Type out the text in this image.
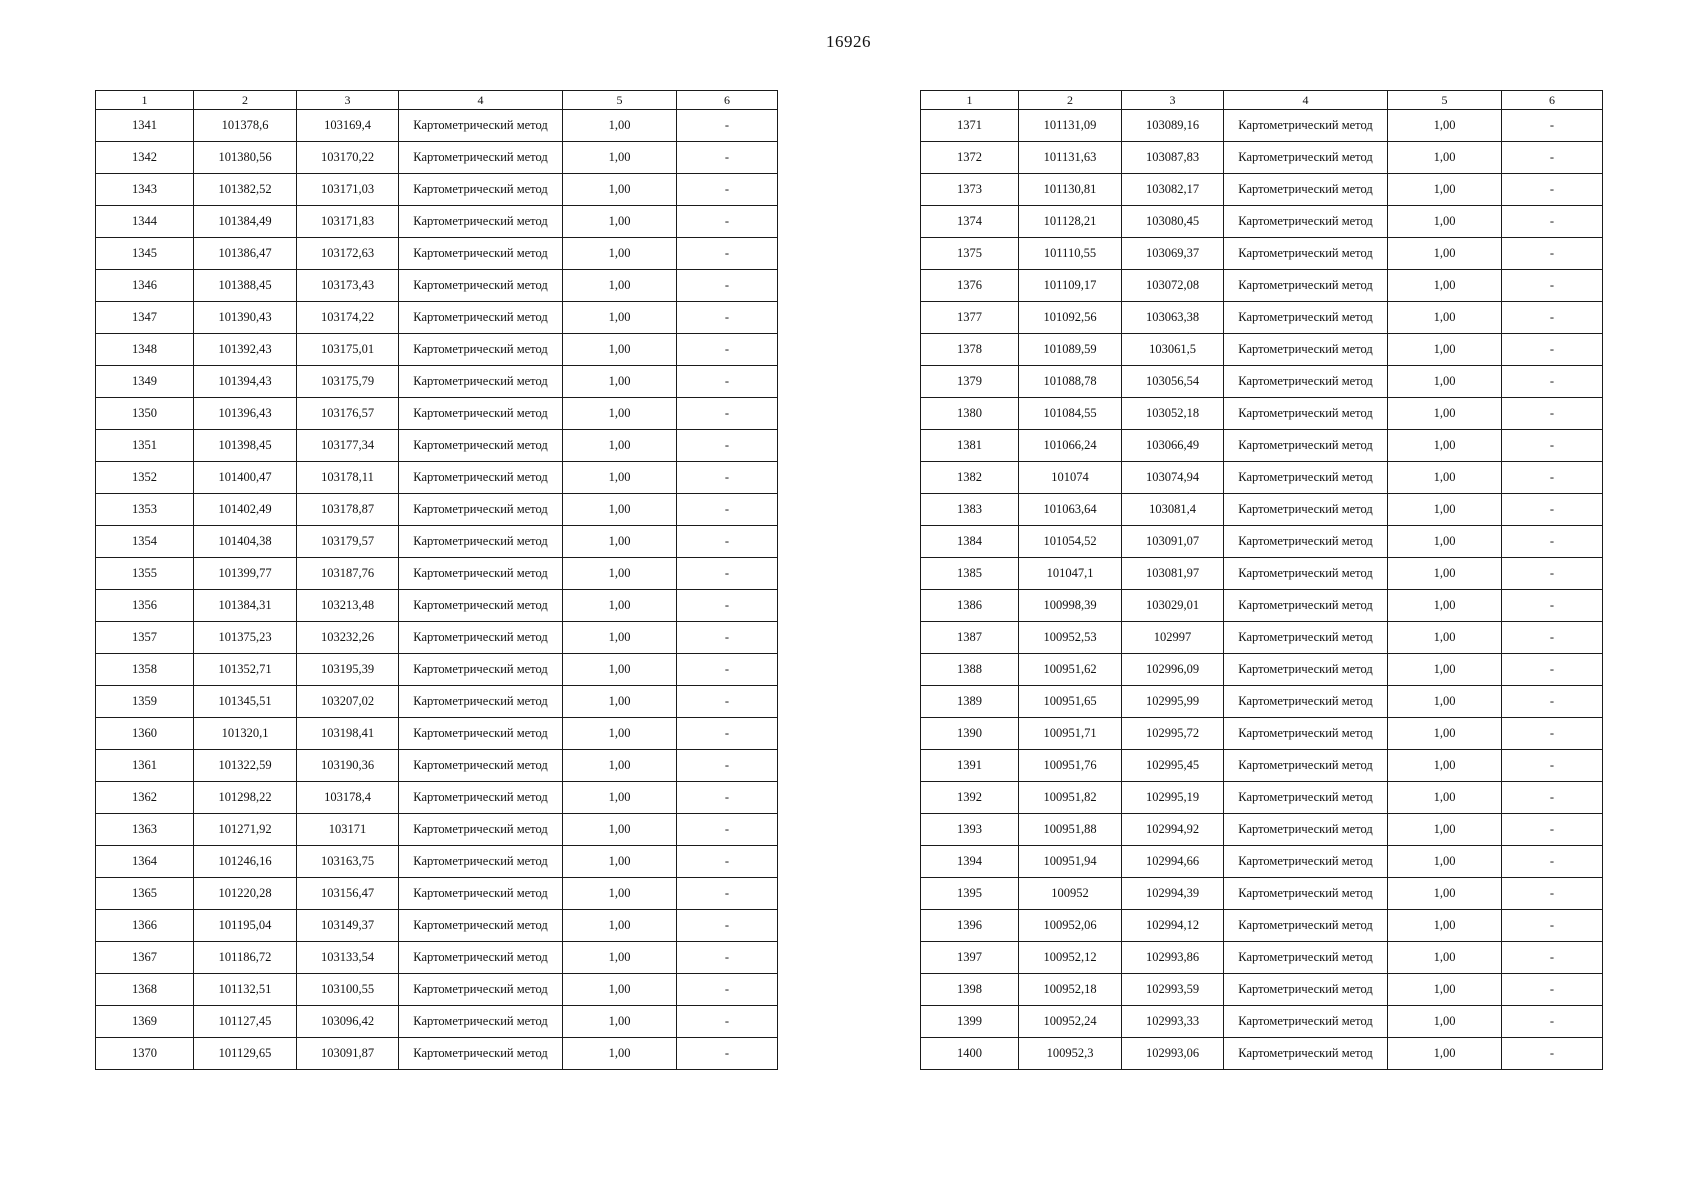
16926
1	2	3	4	5	6
1341	101378,6	103169,4	Картометрический метод	1,00	-
1342	101380,56	103170,22	Картометрический метод	1,00	-
1343	101382,52	103171,03	Картометрический метод	1,00	-
1344	101384,49	103171,83	Картометрический метод	1,00	-
1345	101386,47	103172,63	Картометрический метод	1,00	-
1346	101388,45	103173,43	Картометрический метод	1,00	-
1347	101390,43	103174,22	Картометрический метод	1,00	-
1348	101392,43	103175,01	Картометрический метод	1,00	-
1349	101394,43	103175,79	Картометрический метод	1,00	-
1350	101396,43	103176,57	Картометрический метод	1,00	-
1351	101398,45	103177,34	Картометрический метод	1,00	-
1352	101400,47	103178,11	Картометрический метод	1,00	-
1353	101402,49	103178,87	Картометрический метод	1,00	-
1354	101404,38	103179,57	Картометрический метод	1,00	-
1355	101399,77	103187,76	Картометрический метод	1,00	-
1356	101384,31	103213,48	Картометрический метод	1,00	-
1357	101375,23	103232,26	Картометрический метод	1,00	-
1358	101352,71	103195,39	Картометрический метод	1,00	-
1359	101345,51	103207,02	Картометрический метод	1,00	-
1360	101320,1	103198,41	Картометрический метод	1,00	-
1361	101322,59	103190,36	Картометрический метод	1,00	-
1362	101298,22	103178,4	Картометрический метод	1,00	-
1363	101271,92	103171	Картометрический метод	1,00	-
1364	101246,16	103163,75	Картометрический метод	1,00	-
1365	101220,28	103156,47	Картометрический метод	1,00	-
1366	101195,04	103149,37	Картометрический метод	1,00	-
1367	101186,72	103133,54	Картометрический метод	1,00	-
1368	101132,51	103100,55	Картометрический метод	1,00	-
1369	101127,45	103096,42	Картометрический метод	1,00	-
1370	101129,65	103091,87	Картометрический метод	1,00	-
1	2	3	4	5	6
1371	101131,09	103089,16	Картометрический метод	1,00	-
1372	101131,63	103087,83	Картометрический метод	1,00	-
1373	101130,81	103082,17	Картометрический метод	1,00	-
1374	101128,21	103080,45	Картометрический метод	1,00	-
1375	101110,55	103069,37	Картометрический метод	1,00	-
1376	101109,17	103072,08	Картометрический метод	1,00	-
1377	101092,56	103063,38	Картометрический метод	1,00	-
1378	101089,59	103061,5	Картометрический метод	1,00	-
1379	101088,78	103056,54	Картометрический метод	1,00	-
1380	101084,55	103052,18	Картометрический метод	1,00	-
1381	101066,24	103066,49	Картометрический метод	1,00	-
1382	101074	103074,94	Картометрический метод	1,00	-
1383	101063,64	103081,4	Картометрический метод	1,00	-
1384	101054,52	103091,07	Картометрический метод	1,00	-
1385	101047,1	103081,97	Картометрический метод	1,00	-
1386	100998,39	103029,01	Картометрический метод	1,00	-
1387	100952,53	102997	Картометрический метод	1,00	-
1388	100951,62	102996,09	Картометрический метод	1,00	-
1389	100951,65	102995,99	Картометрический метод	1,00	-
1390	100951,71	102995,72	Картометрический метод	1,00	-
1391	100951,76	102995,45	Картометрический метод	1,00	-
1392	100951,82	102995,19	Картометрический метод	1,00	-
1393	100951,88	102994,92	Картометрический метод	1,00	-
1394	100951,94	102994,66	Картометрический метод	1,00	-
1395	100952	102994,39	Картометрический метод	1,00	-
1396	100952,06	102994,12	Картометрический метод	1,00	-
1397	100952,12	102993,86	Картометрический метод	1,00	-
1398	100952,18	102993,59	Картометрический метод	1,00	-
1399	100952,24	102993,33	Картометрический метод	1,00	-
1400	100952,3	102993,06	Картометрический метод	1,00	-
